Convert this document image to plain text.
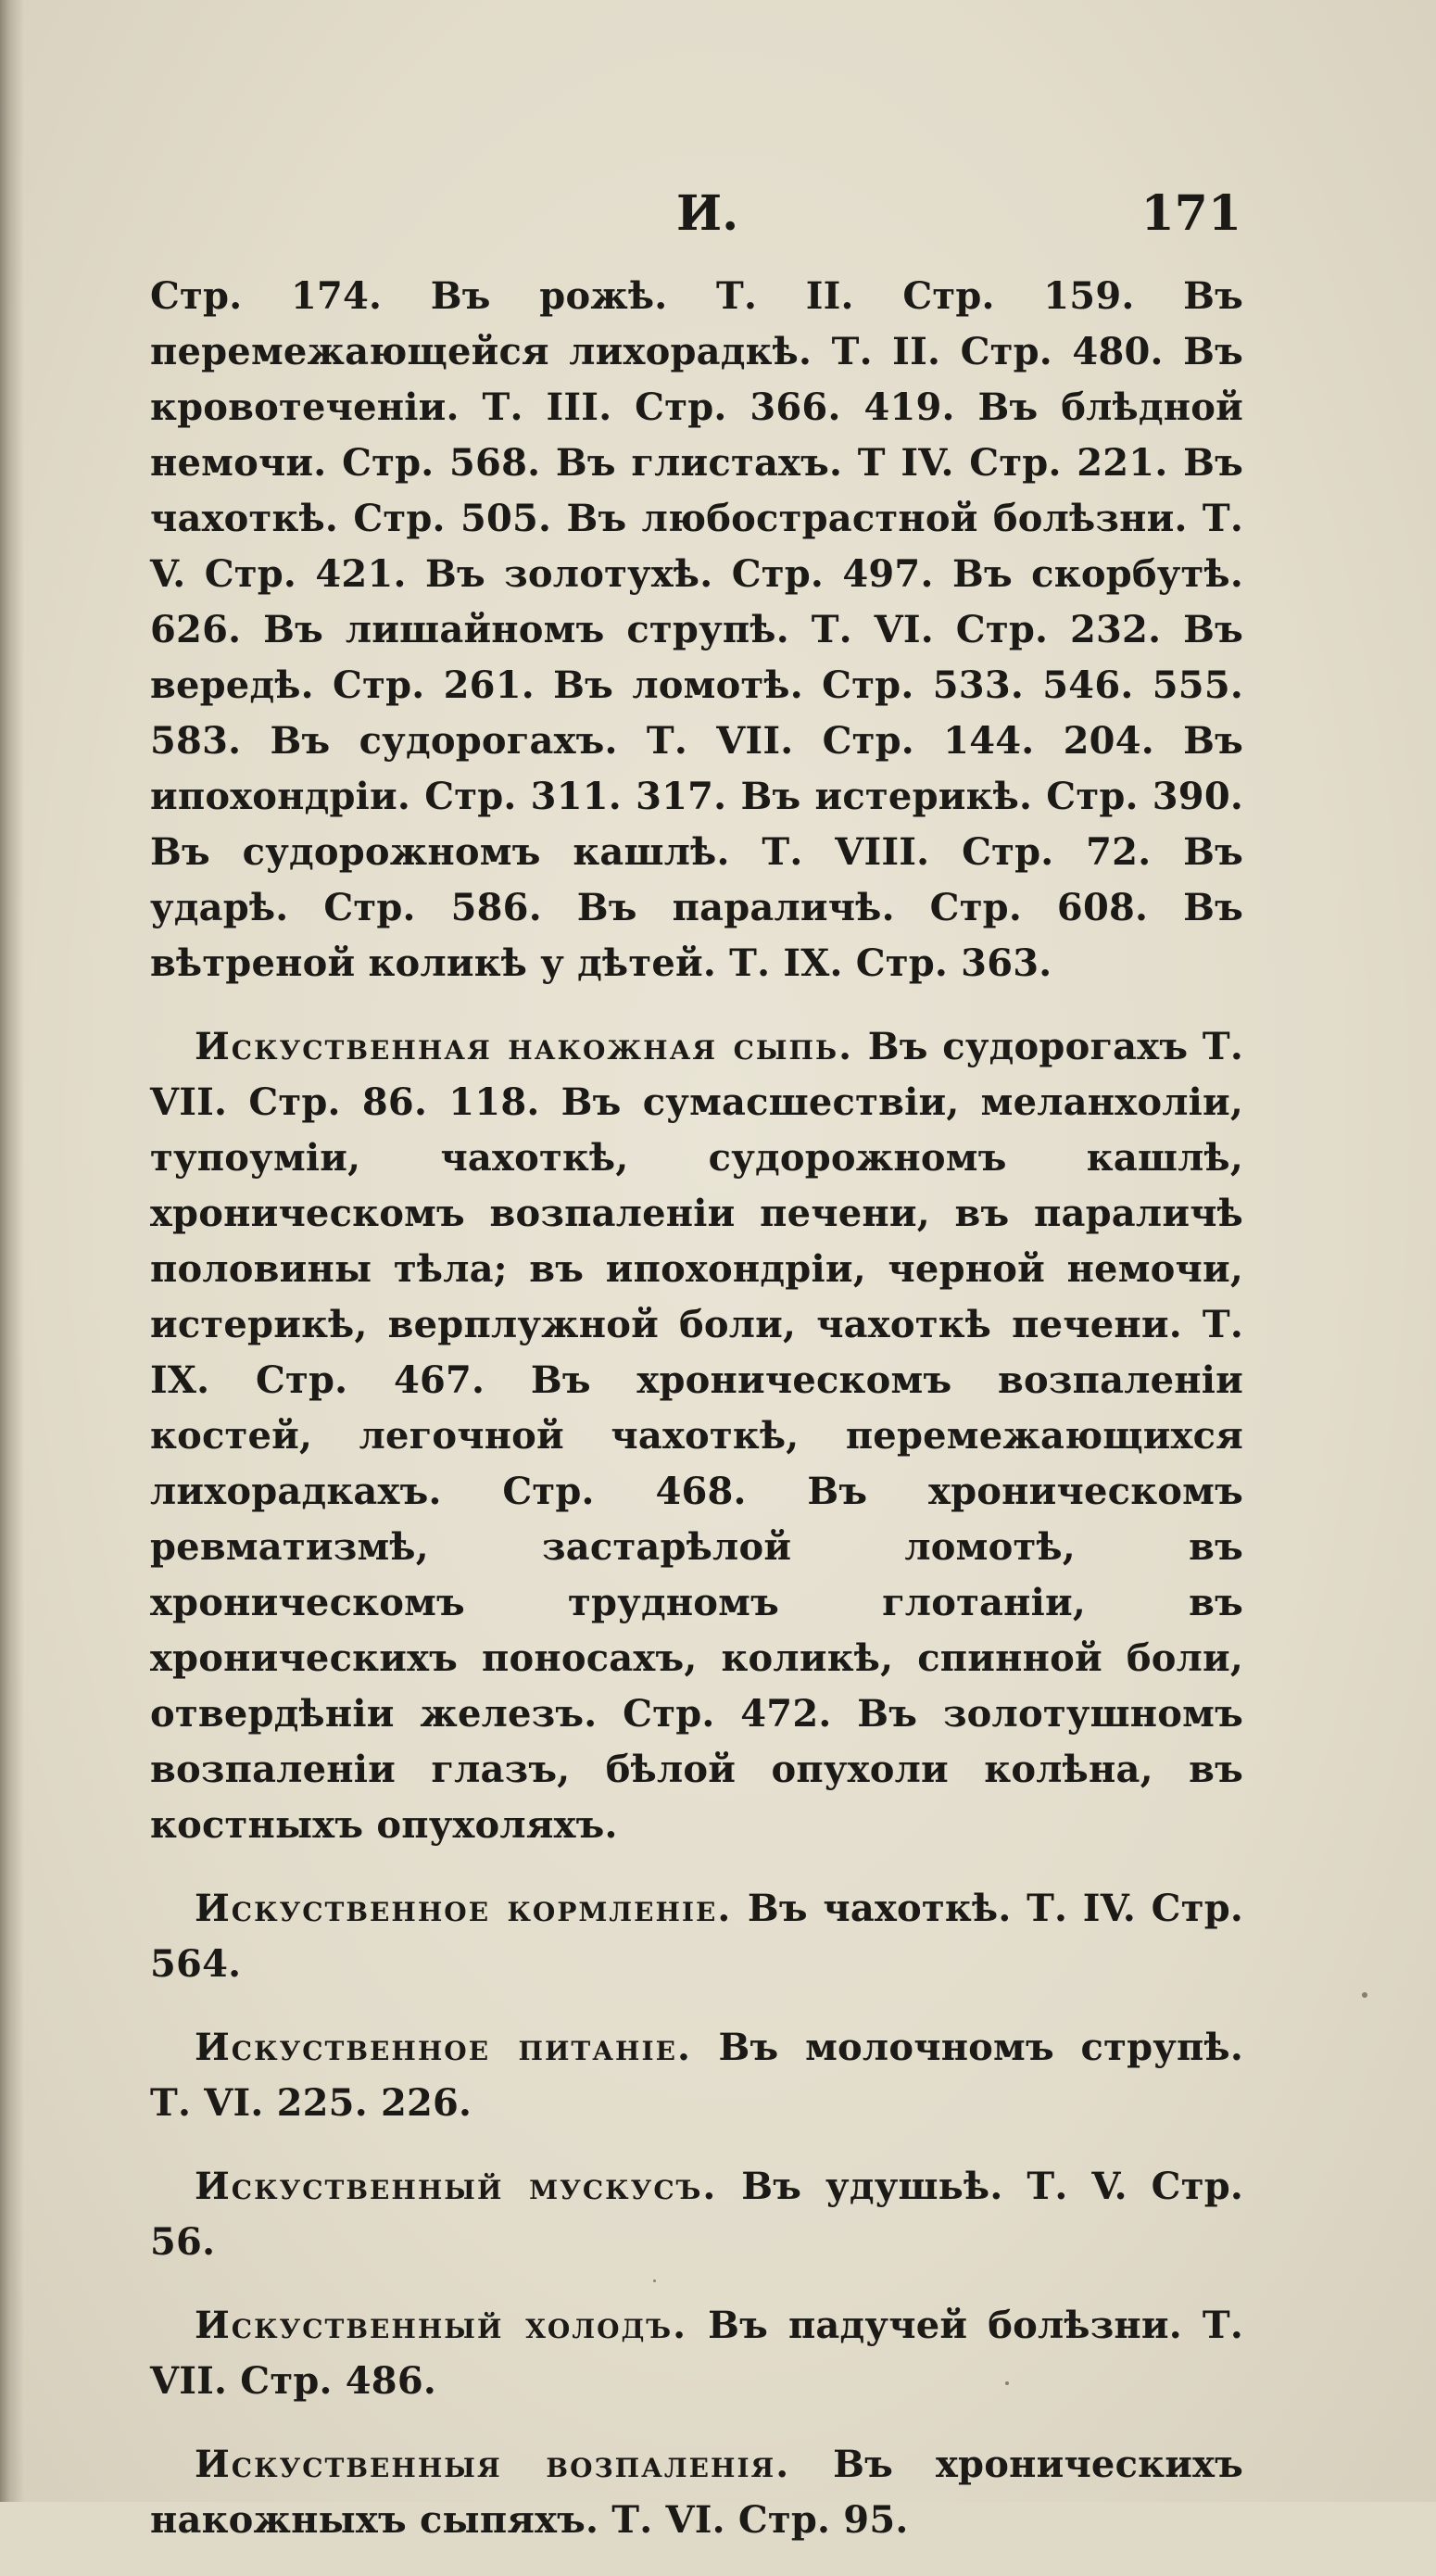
И.	171

Стр. 174. Въ рожѣ. Т. II. Стр. 159. Въ перемежающейся лихорадкѣ. Т. II. Стр. 480. Въ кровотеченіи. Т. III. Стр. 366. 419. Въ блѣдной немочи. Стр. 568. Въ глистахъ. Т IV. Стр. 221. Въ чахоткѣ. Стр. 505. Въ любострастной болѣзни. Т. V. Стр. 421. Въ золотухѣ. Стр. 497. Въ скорбутѣ. 626. Въ лишайномъ струпѣ. Т. VI. Стр. 232. Въ вередѣ. Стр. 261. Въ ломотѣ. Стр. 533. 546. 555. 583. Въ судорогахъ. Т. VII. Стр. 144. 204. Въ ипохондріи. Стр. 311. 317. Въ истерикѣ. Стр. 390. Въ судорожномъ кашлѣ. Т. VIII. Стр. 72. Въ ударѣ. Стр. 586. Въ параличѣ. Стр. 608. Въ вѣтреной коликѣ у дѣтей. Т. IX. Стр. 363.

Искуственная накожная сыпь. Въ судорогахъ Т. VII. Стр. 86. 118. Въ сумасшествіи, меланхоліи, тупоуміи, чахоткѣ, судорожномъ кашлѣ, хроническомъ возпаленіи печени, въ параличѣ половины тѣла; въ ипохондріи, черной немочи, истерикѣ, верплужной боли, чахоткѣ печени. Т. IX. Стр. 467. Въ хроническомъ возпаленіи костей, легочной чахоткѣ, перемежающихся лихорадкахъ. Стр. 468. Въ хроническомъ ревматизмѣ, застарѣлой ломотѣ, въ хроническомъ трудномъ глотаніи, въ хроническихъ поносахъ, коликѣ, спинной боли, отвердѣніи железъ. Стр. 472. Въ золотушномъ возпаленіи глазъ, бѣлой опухоли колѣна, въ костныхъ опухоляхъ.

Искуственное кормленіе. Въ чахоткѣ. Т. IV. Стр. 564.

Искуственное питаніе. Въ молочномъ струпѣ. Т. VI. 225. 226.

Искуственный мускусъ. Въ удушьѣ. Т. V. Стр. 56.

Искуственный холодъ. Въ падучей болѣзни. Т. VII. Стр. 486.

Искуственныя возпаленія. Въ хроническихъ накожныхъ сыпяхъ. Т. VI. Стр. 95.
